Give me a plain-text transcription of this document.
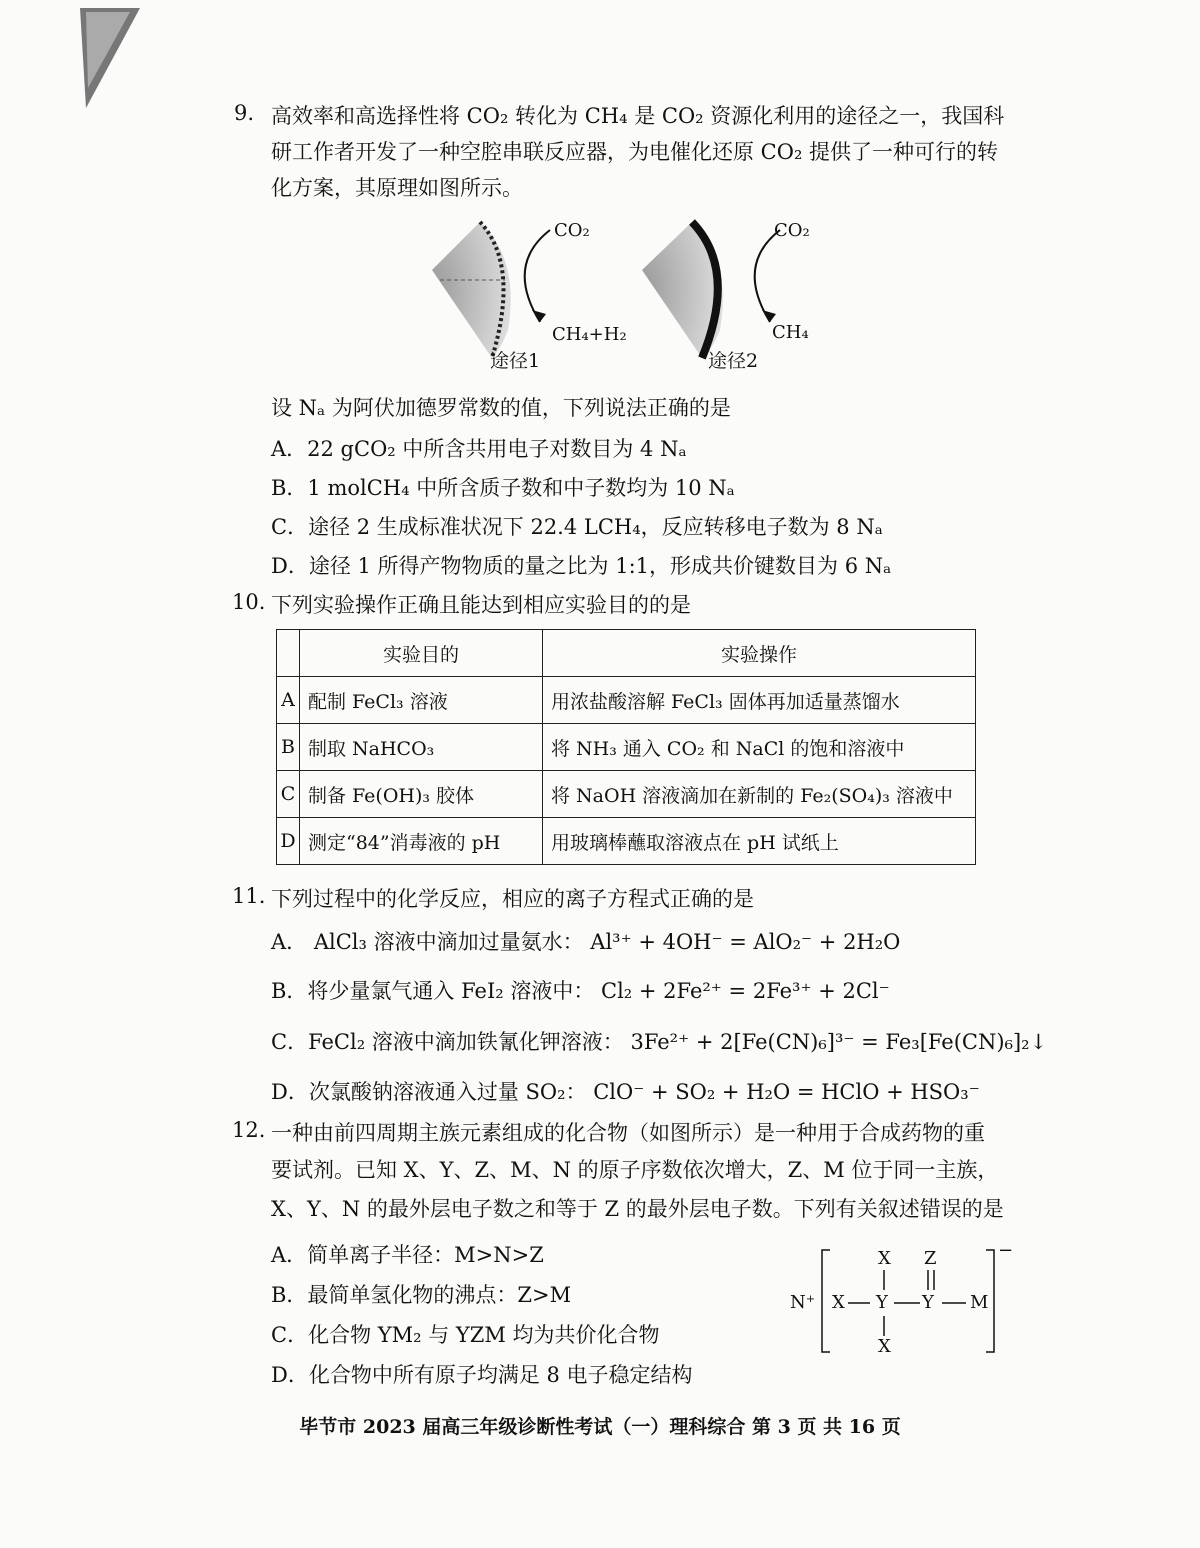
9. 高效率和高选择性将 CO₂ 转化为 CH₄ 是 CO₂ 资源化利用的途径之一，我国科
研工作者开发了一种空腔串联反应器，为电催化还原 CO₂ 提供了一种可行的转
化方案，其原理如图所示。
CO₂
CH₄+H₂
途径1
CO₂
CH₄
途径2
设 Nₐ 为阿伏加德罗常数的值，下列说法正确的是
A．22 gCO₂ 中所含共用电子对数目为 4 Nₐ
B．1 molCH₄ 中所含质子数和中子数均为 10 Nₐ
C．途径 2 生成标准状况下 22.4 LCH₄，反应转移电子数为 8 Nₐ
D．途径 1 所得产物物质的量之比为 1:1，形成共价键数目为 6 Nₐ
10. 下列实验操作正确且能达到相应实验目的的是
	实验目的	实验操作
A	配制 FeCl₃ 溶液	用浓盐酸溶解 FeCl₃ 固体再加适量蒸馏水
B	制取 NaHCO₃	将 NH₃ 通入 CO₂ 和 NaCl 的饱和溶液中
C	制备 Fe(OH)₃ 胶体	将 NaOH 溶液滴加在新制的 Fe₂(SO₄)₃ 溶液中
D	测定“84”消毒液的 pH	用玻璃棒蘸取溶液点在 pH 试纸上
11. 下列过程中的化学反应，相应的离子方程式正确的是
A． AlCl₃ 溶液中滴加过量氨水： Al³⁺ + 4OH⁻ = AlO₂⁻ + 2H₂O
B．将少量氯气通入 FeI₂ 溶液中： Cl₂ + 2Fe²⁺ = 2Fe³⁺ + 2Cl⁻
C．FeCl₂ 溶液中滴加铁氰化钾溶液： 3Fe²⁺ + 2[Fe(CN)₆]³⁻ = Fe₃[Fe(CN)₆]₂↓
D．次氯酸钠溶液通入过量 SO₂： ClO⁻ + SO₂ + H₂O = HClO + HSO₃⁻
12. 一种由前四周期主族元素组成的化合物（如图所示）是一种用于合成药物的重
要试剂。已知 X、Y、Z、M、N 的原子序数依次增大，Z、M 位于同一主族，
X、Y、N 的最外层电子数之和等于 Z 的最外层电子数。下列有关叙述错误的是
A．简单离子半径：M>N>Z
B．最简单氢化物的沸点：Z>M
C．化合物 YM₂ 与 YZM 均为共价化合物
D．化合物中所有原子均满足 8 电子稳定结构
N⁺
X Z
X Y Y M
X
−
毕节市 2023 届高三年级诊断性考试（一）理科综合 第 3 页 共 16 页
